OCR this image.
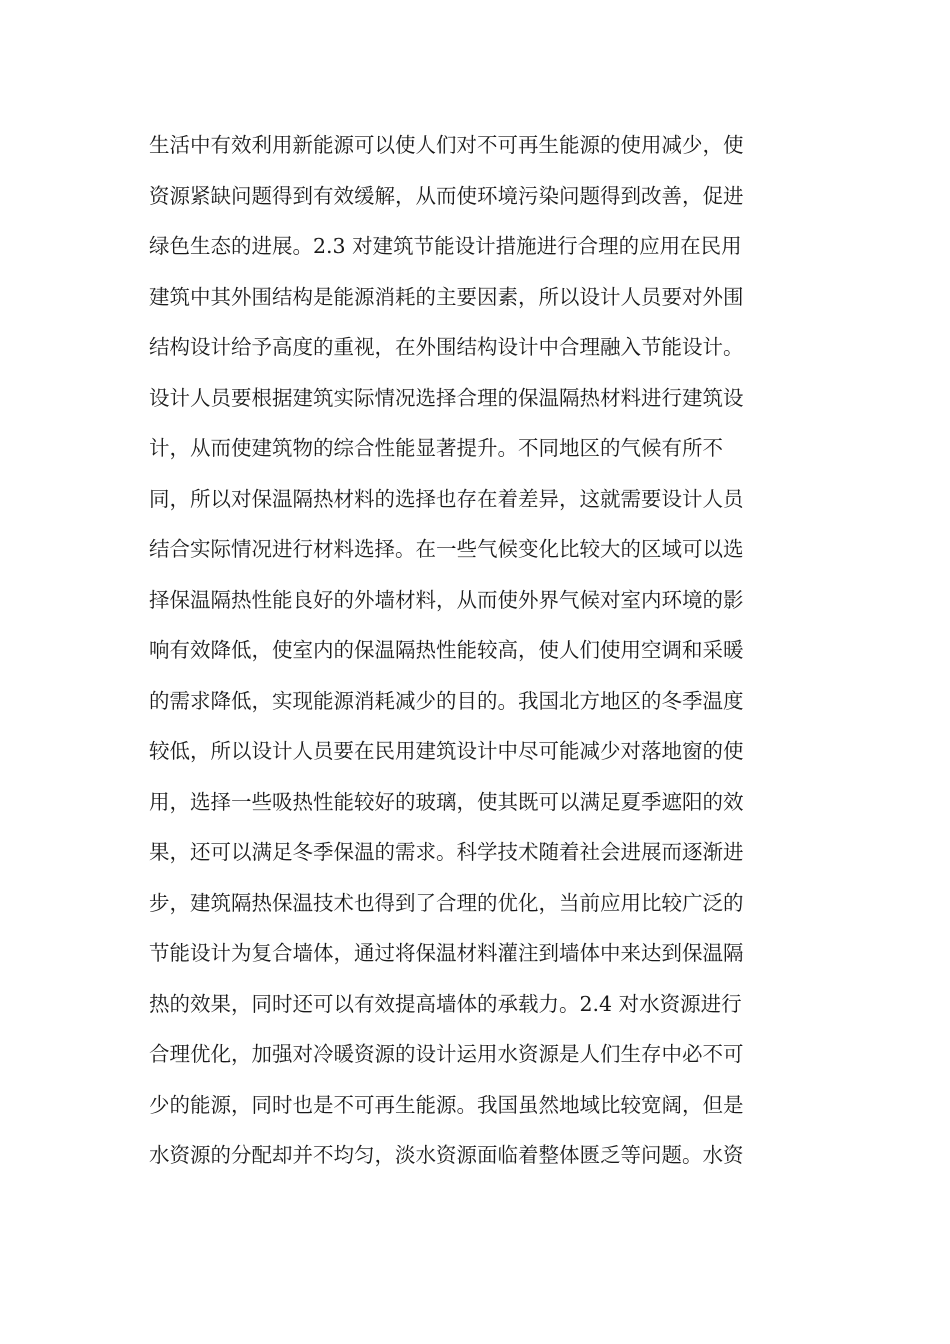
生活中有效利用新能源可以使人们对不可再生能源的使用减少，使
资源紧缺问题得到有效缓解，从而使环境污染问题得到改善，促进
绿色生态的进展。2.3 对建筑节能设计措施进行合理的应用在民用
建筑中其外围结构是能源消耗的主要因素，所以设计人员要对外围
结构设计给予高度的重视，在外围结构设计中合理融入节能设计。
设计人员要根据建筑实际情况选择合理的保温隔热材料进行建筑设
计，从而使建筑物的综合性能显著提升。不同地区的气候有所不
同，所以对保温隔热材料的选择也存在着差异，这就需要设计人员
结合实际情况进行材料选择。在一些气候变化比较大的区域可以选
择保温隔热性能良好的外墙材料，从而使外界气候对室内环境的影
响有效降低，使室内的保温隔热性能较高，使人们使用空调和采暖
的需求降低，实现能源消耗减少的目的。我国北方地区的冬季温度
较低，所以设计人员要在民用建筑设计中尽可能减少对落地窗的使
用，选择一些吸热性能较好的玻璃，使其既可以满足夏季遮阳的效
果，还可以满足冬季保温的需求。科学技术随着社会进展而逐渐进
步，建筑隔热保温技术也得到了合理的优化，当前应用比较广泛的
节能设计为复合墙体，通过将保温材料灌注到墙体中来达到保温隔
热的效果，同时还可以有效提高墙体的承载力。2.4 对水资源进行
合理优化，加强对冷暖资源的设计运用水资源是人们生存中必不可
少的能源，同时也是不可再生能源。我国虽然地域比较宽阔，但是
水资源的分配却并不均匀，淡水资源面临着整体匮乏等问题。水资
